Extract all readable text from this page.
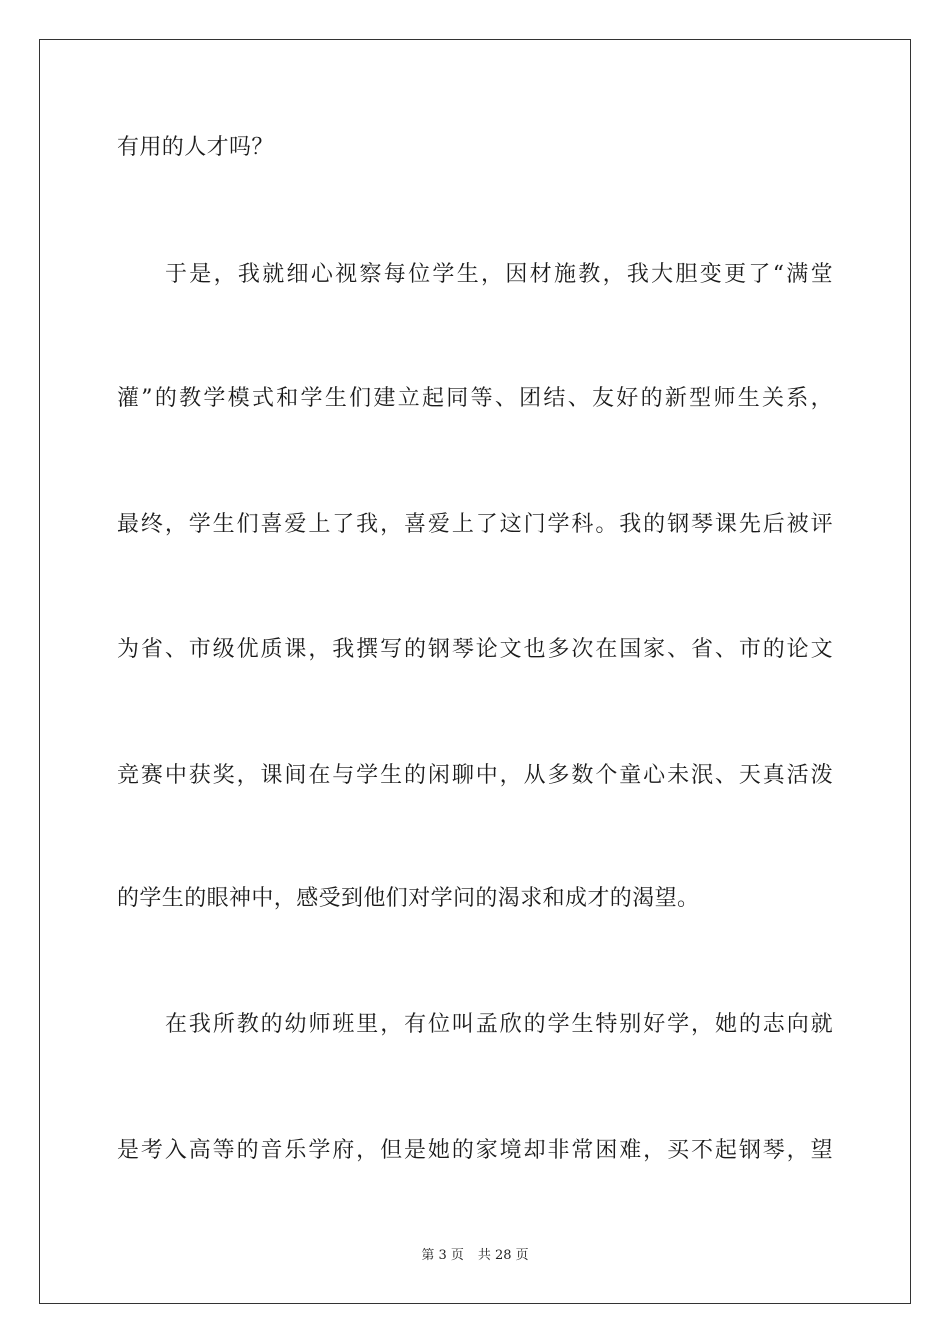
有用的人才吗？
于是，我就细心视察每位学生，因材施教，我大胆变更了“满堂
灌”的教学模式和学生们建立起同等、团结、友好的新型师生关系，
最终，学生们喜爱上了我，喜爱上了这门学科。我的钢琴课先后被评
为省、市级优质课，我撰写的钢琴论文也多次在国家、省、市的论文
竞赛中获奖，课间在与学生的闲聊中，从多数个童心未泯、天真活泼
的学生的眼神中，感受到他们对学问的渴求和成才的渴望。
在我所教的幼师班里，有位叫孟欣的学生特别好学，她的志向就
是考入高等的音乐学府，但是她的家境却非常困难，买不起钢琴，望
第 3 页 共 28 页
